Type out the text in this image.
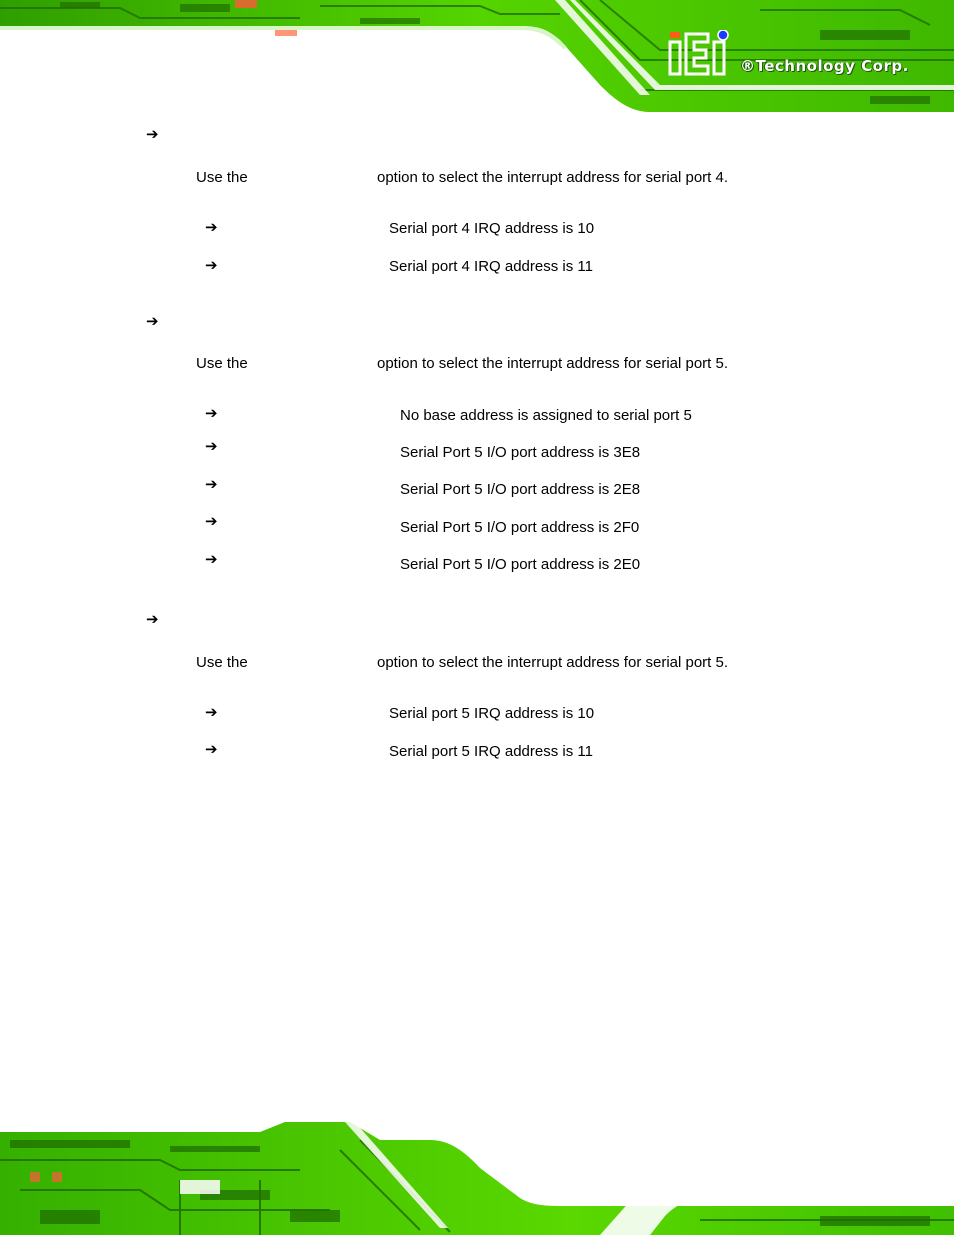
®Technology Corp.
➔
Use the	option to select the interrupt address for serial port 4.
➔	Serial port 4 IRQ address is 10
➔	Serial port 4 IRQ address is 11
➔
Use the	option to select the interrupt address for serial port 5.
➔	No base address is assigned to serial port 5
➔	Serial Port 5 I/O port address is 3E8
➔	Serial Port 5 I/O port address is 2E8
➔	Serial Port 5 I/O port address is 2F0
➔	Serial Port 5 I/O port address is 2E0
➔
Use the	option to select the interrupt address for serial port 5.
➔	Serial port 5 IRQ address is 10
➔	Serial port 5 IRQ address is 11
